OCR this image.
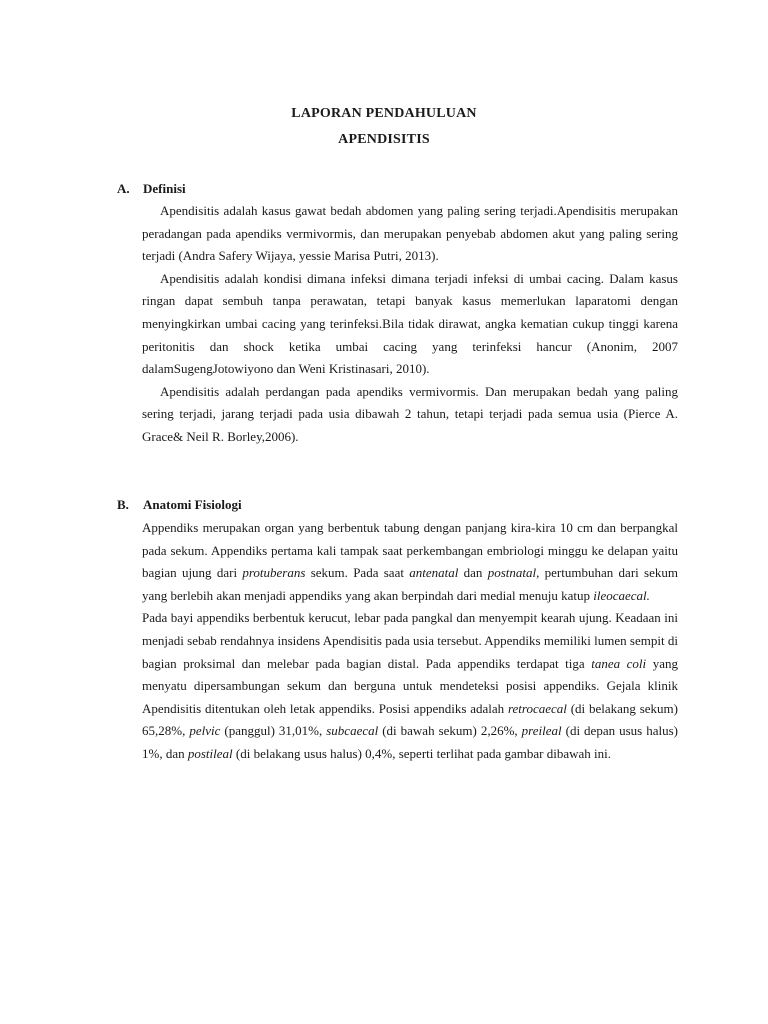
LAPORAN PENDAHULUAN
APENDISITIS
A. Definisi

Apendisitis adalah kasus gawat bedah abdomen yang paling sering terjadi.Apendisitis merupakan peradangan pada apendiks vermivormis, dan merupakan penyebab abdomen akut yang paling sering terjadi (Andra Safery Wijaya, yessie Marisa Putri, 2013).

Apendisitis adalah kondisi dimana infeksi dimana terjadi infeksi di umbai cacing. Dalam kasus ringan dapat sembuh tanpa perawatan, tetapi banyak kasus memerlukan laparatomi dengan menyingkirkan umbai cacing yang terinfeksi.Bila tidak dirawat, angka kematian cukup tinggi karena peritonitis dan shock ketika umbai cacing yang terinfeksi hancur (Anonim, 2007 dalamSugengJotowiyono dan Weni Kristinasari, 2010).

Apendisitis adalah perdangan pada apendiks vermivormis. Dan merupakan bedah yang paling sering terjadi, jarang terjadi pada usia dibawah 2 tahun, tetapi terjadi pada semua usia (Pierce A. Grace& Neil R. Borley,2006).

B. Anatomi Fisiologi

Appendiks merupakan organ yang berbentuk tabung dengan panjang kira-kira 10 cm dan berpangkal pada sekum. Appendiks pertama kali tampak saat perkembangan embriologi minggu ke delapan yaitu bagian ujung dari protuberans sekum. Pada saat antenatal dan postnatal, pertumbuhan dari sekum yang berlebih akan menjadi appendiks yang akan berpindah dari medial menuju katup ileocaecal.

Pada bayi appendiks berbentuk kerucut, lebar pada pangkal dan menyempit kearah ujung. Keadaan ini menjadi sebab rendahnya insidens Apendisitis pada usia tersebut. Appendiks memiliki lumen sempit di bagian proksimal dan melebar pada bagian distal. Pada appendiks terdapat tiga tanea coli yang menyatu dipersambungan sekum dan berguna untuk mendeteksi posisi appendiks. Gejala klinik Apendisitis ditentukan oleh letak appendiks. Posisi appendiks adalah retrocaecal (di belakang sekum) 65,28%, pelvic (panggul) 31,01%, subcaecal (di bawah sekum) 2,26%, preileal (di depan usus halus) 1%, dan postileal (di belakang usus halus) 0,4%, seperti terlihat pada gambar dibawah ini.
